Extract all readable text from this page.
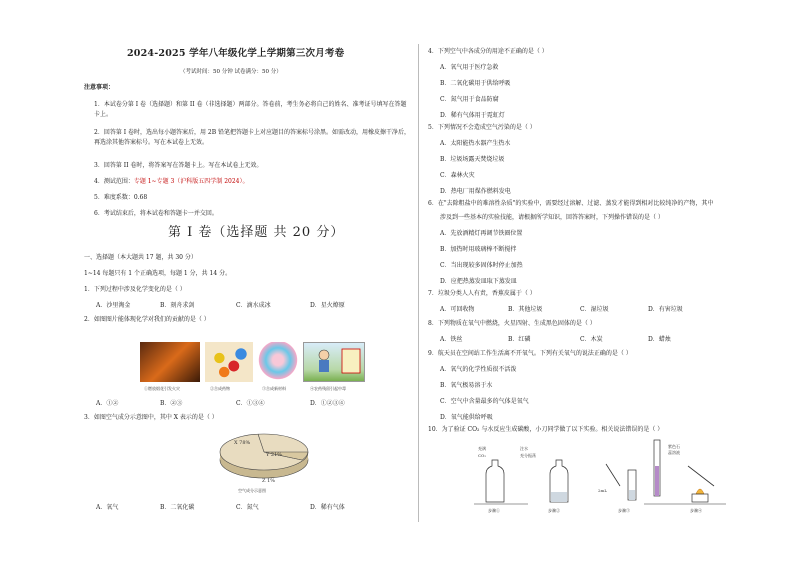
2024-2025 学年八年级化学上学期第三次月考卷
（考试时间：50 分钟 试卷满分：50 分）
注意事项：
1．本试卷分第 I 卷（选择题）和第 II 卷（非选择题）两部分。答卷前，考生务必将自己的姓名、准考证号填写在答题卡上。
2．回答第 I 卷时，选出每小题答案后，用 2B 铅笔把答题卡上对应题目的答案标号涂黑。如需改动，用橡皮擦干净后，再选涂其他答案标号。写在本试卷上无效。
3．回答第 II 卷时，将答案写在答题卡上。写在本试卷上无效。
4．测试范围：专题 1~专题 3（沪科版五四学制 2024）。
5．难度系数：0.68
6．考试结束后，将本试卷和答题卡一并交回。
第 I 卷（选择题 共 20 分）
一、选择题（本大题共 17 题，共 30 分）
1~14 每题只有 1 个正确选项，每题 1 分，共 14 分。
1．下列过程中涉及化学变化的是（ ）
A．沙里淘金	B．刻舟求剑	C．滴水成冰	D．星火燎原
2．如图图片能体现化学对我们的贡献的是（ ）
①燃放烟花引发火灾	②合成药物	③合成新材料	④农药残留引起中毒
A．①②	B．②③	C．①③④	D．①②③④
3．如图空气成分示意图中，其中 X 表示的是（ ）
X 78%
Y 21%
Z 1%
空气成分示意图
A．氧气	B．二氧化碳	C．氮气	D．稀有气体
4．下列空气中各成分的用途不正确的是（ ）
A．氧气用于医疗急救
B．二氧化碳用于供给呼吸
C．氮气用于食品防腐
D．稀有气体用于霓虹灯
5．下列情况不会造成空气污染的是（ ）
A．太阳能热水器产生热水
B．垃圾场露天焚烧垃圾
C．森林火灾
D．热电厂用煤作燃料发电
6．在"去除粗盐中的难溶性杂质"的实验中，需要经过溶解、过滤、蒸发才能得到相对比较纯净的产物，其中
涉及到一些基本的实验技能，请根据所学知识，回答答案时，下列操作错误的是（ ）
A．先放酒精灯再调节铁圈位置
B．加热时用玻璃棒不断搅拌
C．当出现较多固体时停止加热
D．应把热蒸发皿取下蒸发皿
7．垃圾分类人人有责，香蕉皮属于（ ）
A．可回收物	B．其他垃圾	C．湿垃圾	D．有害垃圾
8．下列物质在氧气中燃烧，火星四射、生成黑色固体的是（ ）
A．铁丝	B．红磷	C．木炭	D．蜡烛
9．航天员在空间站工作生活离不开氧气。下列有关氧气的说法正确的是（ ）
A．氧气的化学性质很不活泼
B．氧气极易溶于水
C．空气中含量最多的气体是氧气
D．氧气能供给呼吸
10．为了验证 CO₂ 与水反应生成碳酸，小刀同学做了以下实验。相关说法错误的是（ ）
充满
CO₂
注水
充分振荡
2mL
紫色石
蕊溶液
步骤①	步骤②	步骤③	步骤④
